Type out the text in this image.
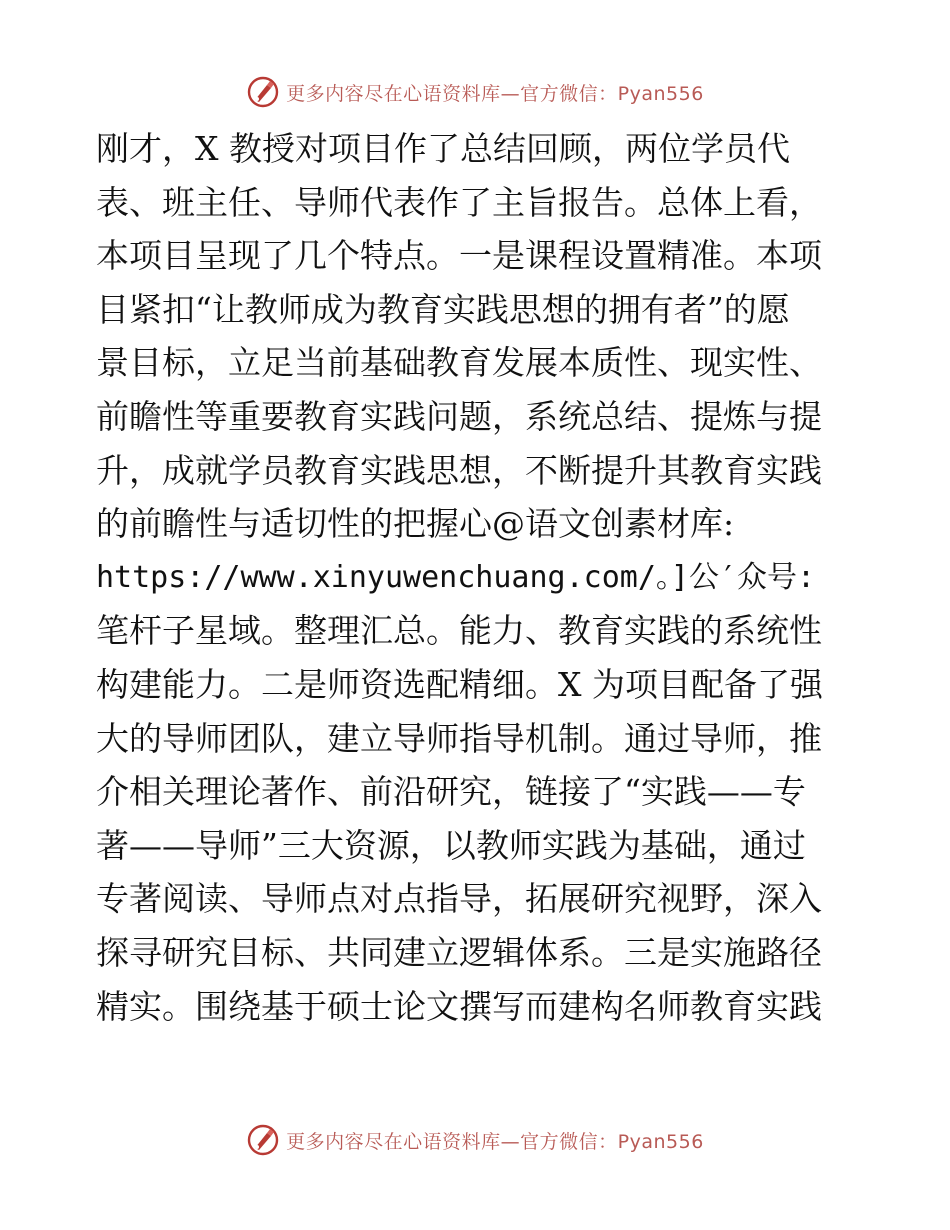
更多内容尽在心语资料库—官方微信：Pyan556
刚才，X 教授对项目作了总结回顾，两位学员代
表、班主任、导师代表作了主旨报告。总体上看，
本项目呈现了几个特点。一是课程设置精准。本项
目紧扣“让教师成为教育实践思想的拥有者”的愿
景目标，立足当前基础教育发展本质性、现实性、
前瞻性等重要教育实践问题，系统总结、提炼与提
升，成就学员教育实践思想，不断提升其教育实践
的前瞻性与适切性的把握心@语文创素材库:
https://www.xinyuwenchuang.com/。]公′众号:
笔杆子星域。整理汇总。能力、教育实践的系统性
构建能力。二是师资选配精细。X 为项目配备了强
大的导师团队，建立导师指导机制。通过导师，推
介相关理论著作、前沿研究，链接了“实践——专
著——导师”三大资源，以教师实践为基础，通过
专著阅读、导师点对点指导，拓展研究视野，深入
探寻研究目标、共同建立逻辑体系。三是实施路径
精实。围绕基于硕士论文撰写而建构名师教育实践
更多内容尽在心语资料库—官方微信：Pyan556
